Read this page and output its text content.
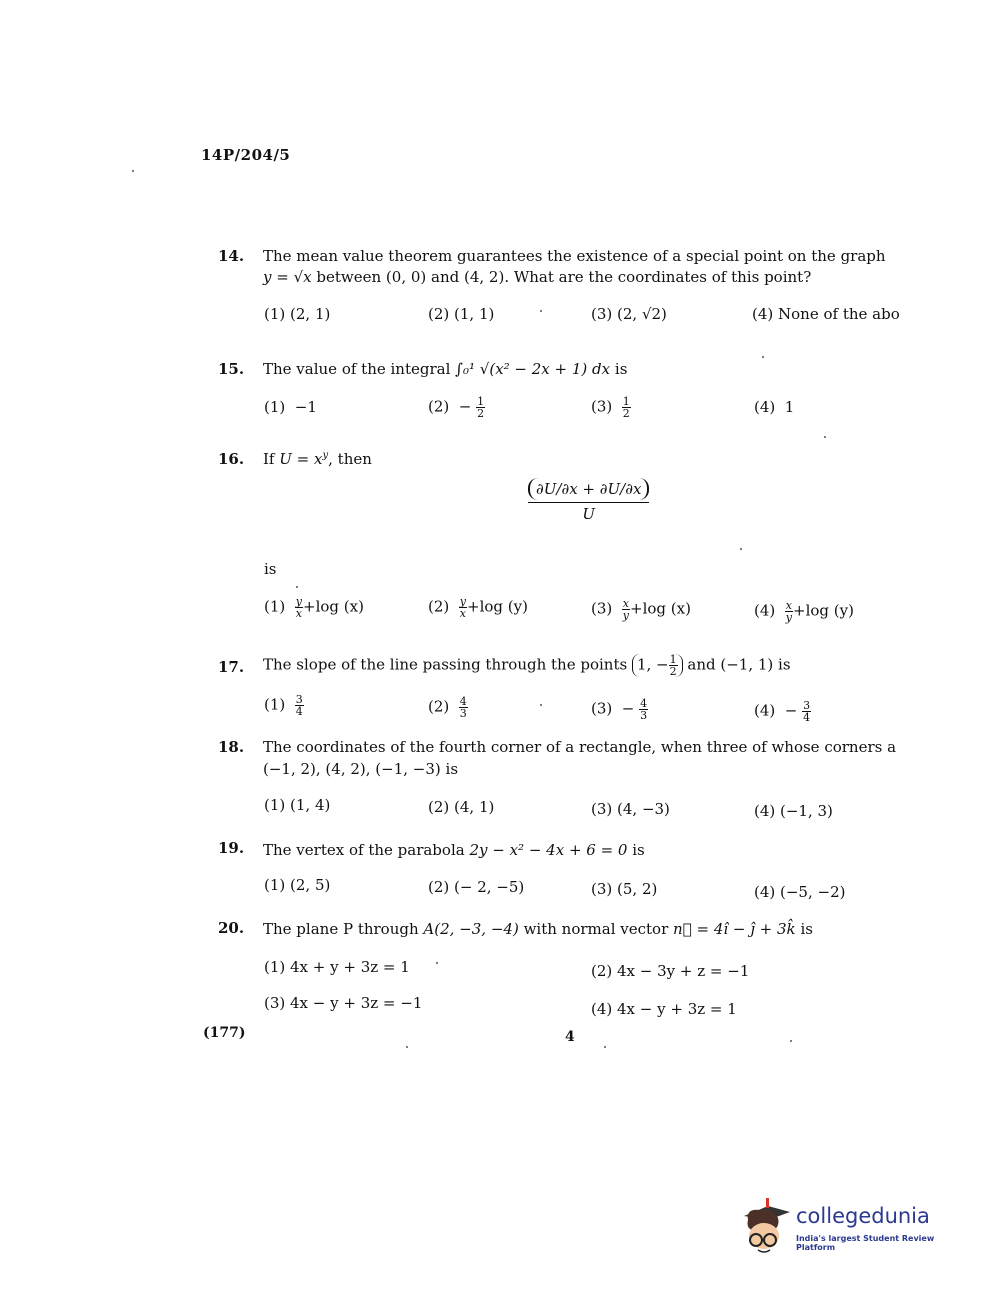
14P/204/5
14. The mean value theorem guarantees the existence of a special point on the graph
y = √x between (0, 0) and (4, 2). What are the coordinates of this point?
(1) (2, 1)	(2) (1, 1)	(3) (2, √2)	(4) None of the abo
15. The value of the integral ∫₀¹ √(x² − 2x + 1) dx is
(1) −1	$(2) - \frac{1}{2}$	$(3) \frac{1}{2}$	(4) 1
16. If $U = x^y$, then
$\frac{\partial U/\partial x + \partial U/\partial x}{U}$
is
$(1) \frac{y}{x} +\log$ (x)	$(2) \frac{y}{x} +\log$ (y)	$(3) \frac{x}{y} +\log$ (x)	$(4) \frac{x}{y} +\log$ (y)
17. The slope of the line passing through the points 1, − $\frac{1}{2}$ and (−1, 1) is
$(1) \frac{3}{4}$	$(2) \frac{4}{3}$	$(3) - \frac{4}{3}$	$(4) - \frac{3}{4}$
18. The coordinates of the fourth corner of a rectangle, when three of whose corners a
(−1, 2), (4, 2), (−1, −3) is
(1) (1, 4)	(2) (4, 1)	(3) (4, −3)	(4) (−1, 3)
19. The vertex of the parabola 2y − x² − 4x + 6 = 0 is
(1) (2, 5)	(2) (− 2, −5)	(3) (5, 2)	(4) (−5, −2)
20. The plane P through A(2, −3, −4) with normal vector n⃗ = 4î − ĵ + 3k̂ is
(1) 4x + y + 3z = 1	(2) 4x − 3y + z = −1
(3) 4x − y + 3z = −1	(4) 4x − y + 3z = 1
(177)	4
collegedunia
India's largest Student Review Platform
